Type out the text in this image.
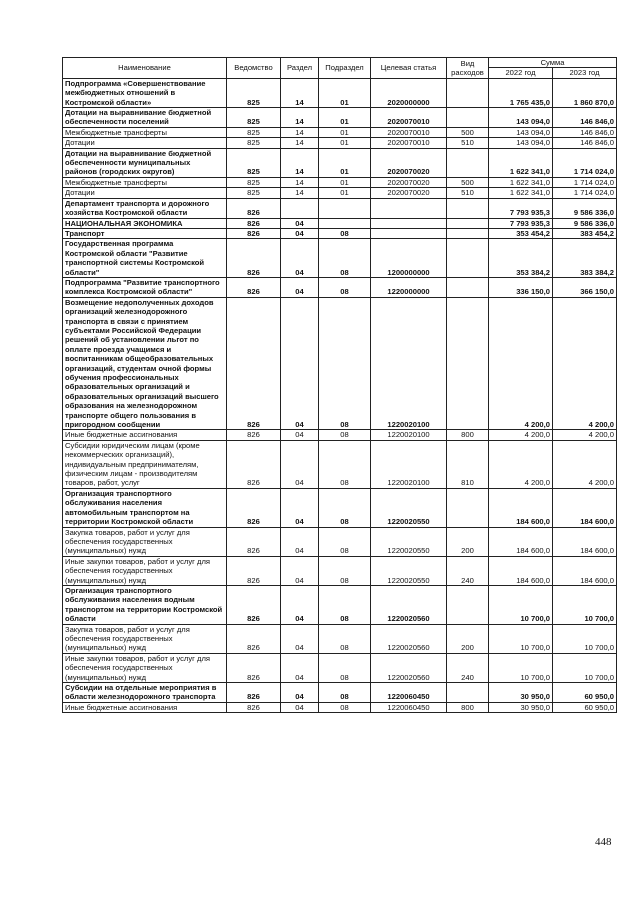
Наименование	Ведомство	Раздел	Подраздел	Целевая статья	Вид расходов	Сумма	
						2022 год	2023 год
Подпрограмма «Совершенствование межбюджетных отношений в Костромской области»	825	14	01	2020000000		1 765 435,0	1 860 870,0
Дотации на выравнивание бюджетной обеспеченности поселений	825	14	01	2020070010		143 094,0	146 846,0
Межбюджетные трансферты	825	14	01	2020070010	500	143 094,0	146 846,0
Дотации	825	14	01	2020070010	510	143 094,0	146 846,0
Дотации на выравнивание бюджетной обеспеченности муниципальных районов (городских округов)	825	14	01	2020070020		1 622 341,0	1 714 024,0
Межбюджетные трансферты	825	14	01	2020070020	500	1 622 341,0	1 714 024,0
Дотации	825	14	01	2020070020	510	1 622 341,0	1 714 024,0
Департамент транспорта и дорожного хозяйства Костромской области	826					7 793 935,3	9 586 336,0
НАЦИОНАЛЬНАЯ ЭКОНОМИКА	826	04				7 793 935,3	9 586 336,0
Транспорт	826	04	08			353 454,2	383 454,2
Государственная программа Костромской области "Развитие транспортной системы Костромской области"	826	04	08	1200000000		353 384,2	383 384,2
Подпрограмма "Развитие транспортного комплекса Костромской области"	826	04	08	1220000000		336 150,0	366 150,0
Возмещение недополученных доходов организаций железнодорожного транспорта в связи с принятием субъектами Российской Федерации решений об установлении льгот по оплате проезда учащимся и воспитанникам общеобразовательных организаций, студентам очной формы обучения профессиональных образовательных организаций и образовательных организаций высшего образования на железнодорожном транспорте общего пользования в пригородном сообщении	826	04	08	1220020100		4 200,0	4 200,0
Иные бюджетные ассигнования	826	04	08	1220020100	800	4 200,0	4 200,0
Субсидии юридическим лицам (кроме некоммерческих организаций), индивидуальным предпринимателям, физическим лицам - производителям товаров, работ, услуг	826	04	08	1220020100	810	4 200,0	4 200,0
Организация транспортного обслуживания населения автомобильным транспортом на территории Костромской области	826	04	08	1220020550		184 600,0	184 600,0
Закупка товаров, работ и услуг для обеспечения государственных (муниципальных) нужд	826	04	08	1220020550	200	184 600,0	184 600,0
Иные закупки товаров, работ и услуг для обеспечения государственных (муниципальных) нужд	826	04	08	1220020550	240	184 600,0	184 600,0
Организация транспортного обслуживания населения водным транспортом на территории Костромской области	826	04	08	1220020560		10 700,0	10 700,0
Закупка товаров, работ и услуг для обеспечения государственных (муниципальных) нужд	826	04	08	1220020560	200	10 700,0	10 700,0
Иные закупки товаров, работ и услуг для обеспечения государственных (муниципальных) нужд	826	04	08	1220020560	240	10 700,0	10 700,0
Субсидии на отдельные мероприятия в области железнодорожного транспорта	826	04	08	1220060450		30 950,0	60 950,0
Иные бюджетные ассигнования	826	04	08	1220060450	800	30 950,0	60 950,0
448
